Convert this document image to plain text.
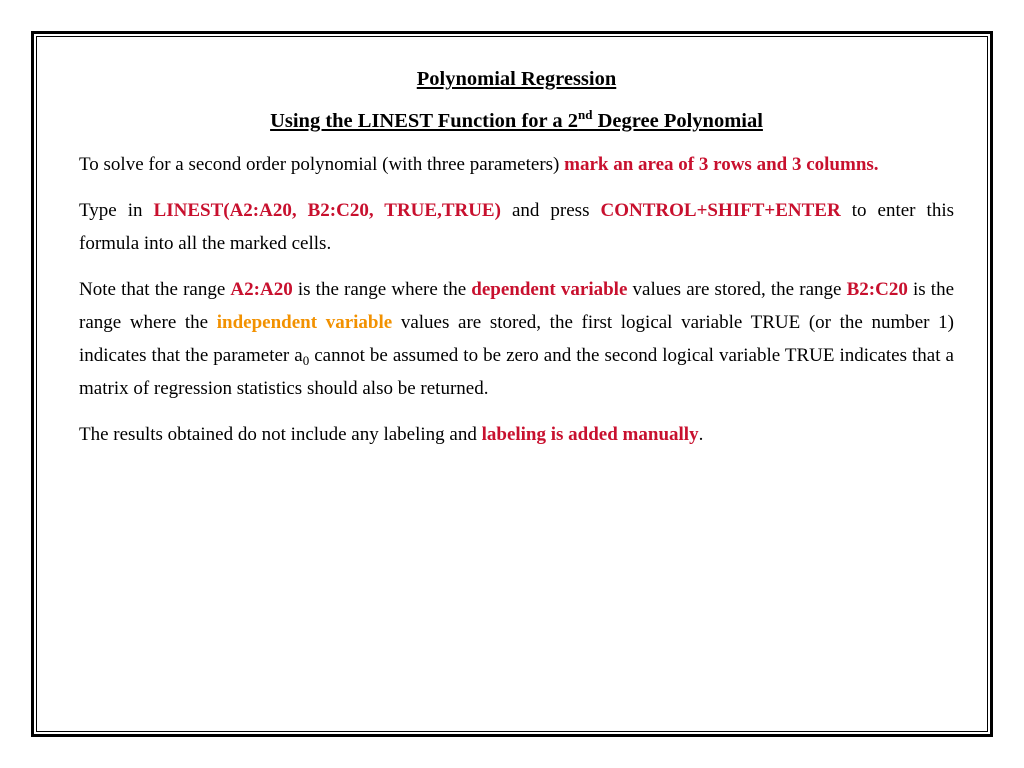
Polynomial Regression
Using the LINEST Function for a 2nd Degree Polynomial

To solve for a second order polynomial (with three parameters) mark an area of 3 rows and 3 columns.

Type in LINEST(A2:A20, B2:C20, TRUE,TRUE) and press CONTROL+SHIFT+ENTER to enter this formula into all the marked cells.

Note that the range A2:A20 is the range where the dependent variable values are stored, the range B2:C20 is the range where the independent variable values are stored, the first logical variable TRUE (or the number 1) indicates that the parameter $a_0$ cannot be assumed to be zero and the second logical variable TRUE indicates that a matrix of regression statistics should also be returned.

The results obtained do not include any labeling and labeling is added manually.
